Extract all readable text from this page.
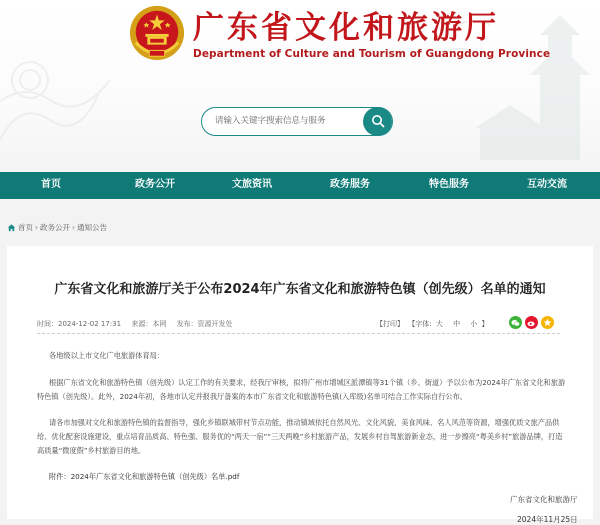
广东省文化和旅游厅
Department of Culture and Tourism of Guangdong Province
请输入关键字搜索信息与服务
首页	政务公开	文旅资讯	政务服务	特色服务	互动交流
首页 › 政务公开 › 通知公告
广东省文化和旅游厅关于公布2024年广东省文化和旅游特色镇（创先级）名单的通知
时间：2024-12-02 17:31 来源：本网 发布：资源开发处	【打印】 【字体: 大 中 小 】

各地级以上市文化广电旅游体育局：

根据广东省文化和旅游特色镇（创先级）认定工作的有关要求，经我厅审核，拟将广州市增城区派潭镇等31个镇（乡、街道）予以公布为2024年广东省文化和旅游特色镇（创先级）。此外，2024年初，各地市认定并报我厅备案的本市广东省文化和旅游特色镇(入库级)名单可结合工作实际自行公布。

请各市加强对文化和旅游特色镇的监督指导，强化乡镇联城带村节点功能，推动镇域依托自然风光、文化风貌、美食风味、名人风范等资源，增强优质文旅产品供给、优化配套设施建设，重点培育品质高、特色强、服务优的“两天一宿”“三天两晚”乡村旅游产品，发展乡村自驾旅游新业态，进一步擦亮“粤美乡村”旅游品牌，打造高质量“微度假”乡村旅游目的地。

附件：2024年广东省文化和旅游特色镇（创先级）名单.pdf

广东省文化和旅游厅
2024年11月25日
